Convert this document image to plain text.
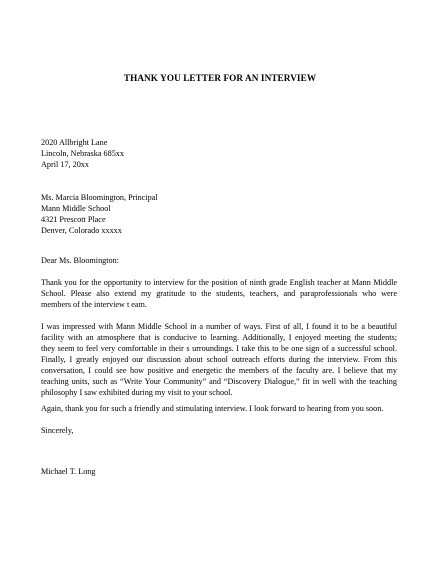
THANK YOU LETTER FOR AN INTERVIEW
2020 Allbright Lane
Lincoln, Nebraska 685xx
April 17, 20xx
Ms. Marcia Bloomington, Principal
Mann Middle School
4321 Prescott Place
Denver, Colorado xxxxx
Dear Ms. Bloomington:
Thank you for the opportunity to interview for the position of ninth grade English teacher at Mann Middle
School. Please also extend my gratitude to the students, teachers, and paraprofessionals who were
members of the interview t eam.
I was impressed with Mann Middle School in a number of ways. First of all, I found it to be a beautiful
facility with an atmosphere that is conducive to learning. Additionally, I enjoyed meeting the students;
they seem to feel very comfortable in their s urroundings. I take this to be one sign of a successful school.
Finally, I greatly enjoyed our discussion about school outreach efforts during the interview. From this
conversation, I could see how positive and energetic the members of the faculty are. I believe that my
teaching units, such as “Write Your Community” and “Discovery Dialogue,” fit in well with the teaching
philosophy I saw exhibited during my visit to your school.
Again, thank you for such a friendly and stimulating interview. I look forward to hearing from you soon.
Sincerely,
Michael T. Long
